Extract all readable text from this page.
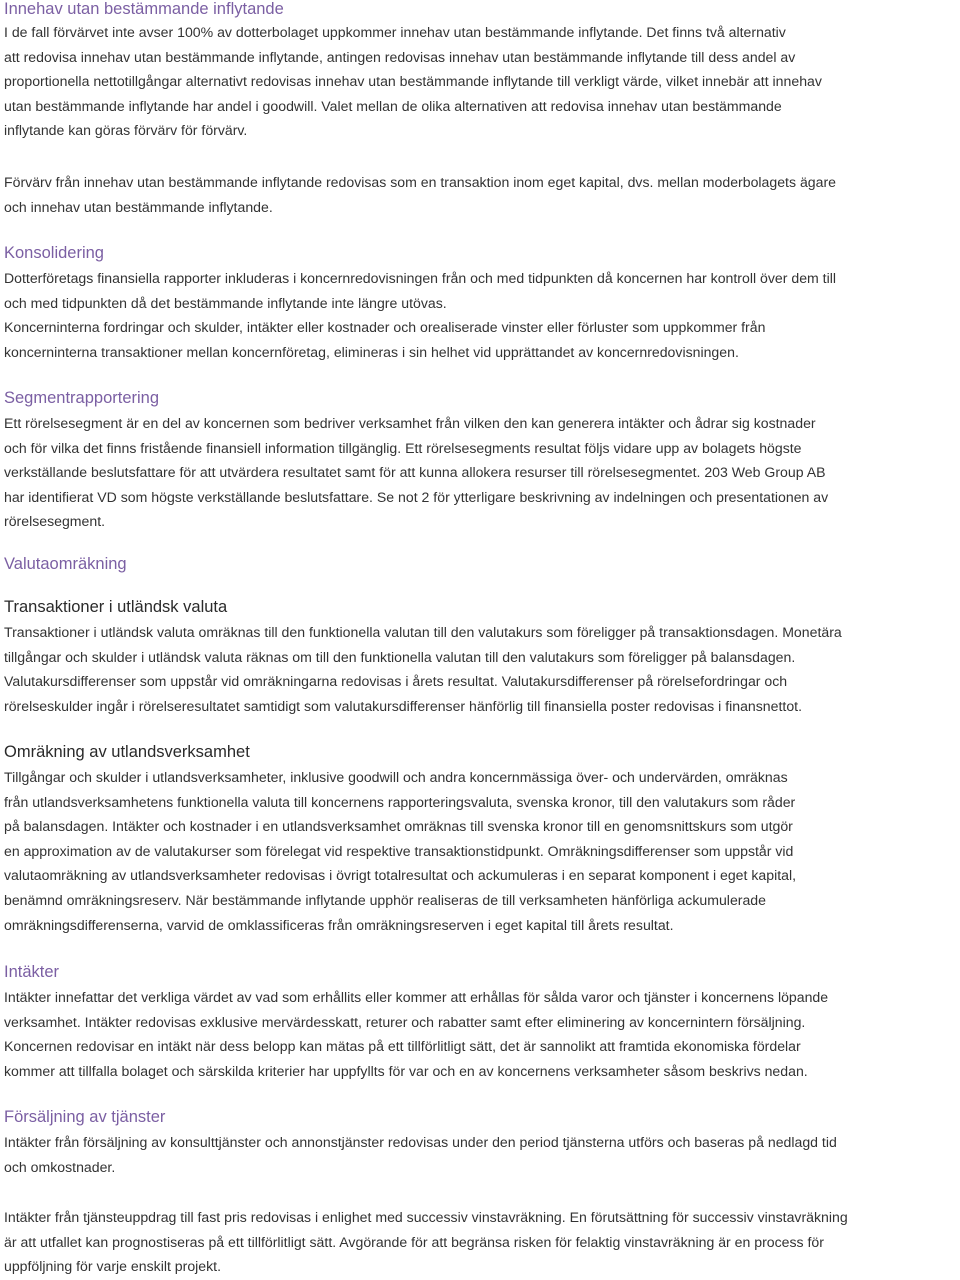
Innehav utan bestämmande inflytande
I de fall förvärvet inte avser 100% av dotterbolaget uppkommer innehav utan bestämmande inflytande. Det finns två alternativ
att redovisa innehav utan bestämmande inflytande, antingen redovisas innehav utan bestämmande inflytande till dess andel av
proportionella nettotillgångar alternativt redovisas innehav utan bestämmande inflytande till verkligt värde, vilket innebär att innehav
utan bestämmande inflytande har andel i goodwill. Valet mellan de olika alternativen att redovisa innehav utan bestämmande
inflytande kan göras förvärv för förvärv.
Förvärv från innehav utan bestämmande inflytande redovisas som en transaktion inom eget kapital, dvs. mellan moderbolagets ägare
och innehav utan bestämmande inflytande.
Konsolidering
Dotterföretags finansiella rapporter inkluderas i koncernredovisningen från och med tidpunkten då koncernen har kontroll över dem till
och med tidpunkten då det bestämmande inflytande inte längre utövas.
Koncerninterna fordringar och skulder, intäkter eller kostnader och orealiserade vinster eller förluster som uppkommer från
koncerninterna transaktioner mellan koncernföretag, elimineras i sin helhet vid upprättandet av koncernredovisningen.
Segmentrapportering
Ett rörelsesegment är en del av koncernen som bedriver verksamhet från vilken den kan generera intäkter och ådrar sig kostnader
och för vilka det finns fristående finansiell information tillgänglig. Ett rörelsesegments resultat följs vidare upp av bolagets högste
verkställande beslutsfattare för att utvärdera resultatet samt för att kunna allokera resurser till rörelsesegmentet. 203 Web Group AB
har identifierat VD som högste verkställande beslutsfattare. Se not 2 för ytterligare beskrivning av indelningen och presentationen av
rörelsesegment.
Valutaomräkning
Transaktioner i utländsk valuta
Transaktioner i utländsk valuta omräknas till den funktionella valutan till den valutakurs som föreligger på transaktionsdagen. Monetära
tillgångar och skulder i utländsk valuta räknas om till den funktionella valutan till den valutakurs som föreligger på balansdagen.
Valutakursdifferenser som uppstår vid omräkningarna redovisas i årets resultat. Valutakursdifferenser på rörelsefordringar och
rörelseskulder ingår i rörelseresultatet samtidigt som valutakursdifferenser hänförlig till finansiella poster redovisas i finansnettot.
Omräkning av utlandsverksamhet
Tillgångar och skulder i utlandsverksamheter, inklusive goodwill och andra koncernmässiga över- och undervärden, omräknas
från utlandsverksamhetens funktionella valuta till koncernens rapporteringsvaluta, svenska kronor, till den valutakurs som råder
på balansdagen. Intäkter och kostnader i en utlandsverksamhet omräknas till svenska kronor till en genomsnittskurs som utgör
en approximation av de valutakurser som förelegat vid respektive transaktionstidpunkt. Omräkningsdifferenser som uppstår vid
valutaomräkning av utlandsverksamheter redovisas i övrigt totalresultat och ackumuleras i en separat komponent i eget kapital,
benämnd omräkningsreserv. När bestämmande inflytande upphör realiseras de till verksamheten hänförliga ackumulerade
omräkningsdifferenserna, varvid de omklassificeras från omräkningsreserven i eget kapital till årets resultat.
Intäkter
Intäkter innefattar det verkliga värdet av vad som erhållits eller kommer att erhållas för sålda varor och tjänster i koncernens löpande
verksamhet. Intäkter redovisas exklusive mervärdesskatt, returer och rabatter samt efter eliminering av koncernintern försäljning.
Koncernen redovisar en intäkt när dess belopp kan mätas på ett tillförlitligt sätt, det är sannolikt att framtida ekonomiska fördelar
kommer att tillfalla bolaget och särskilda kriterier har uppfyllts för var och en av koncernens verksamheter såsom beskrivs nedan.
Försäljning av tjänster
Intäkter från försäljning av konsulttjänster och annonstjänster redovisas under den period tjänsterna utförs och baseras på nedlagd tid
och omkostnader.
Intäkter från tjänsteuppdrag till fast pris redovisas i enlighet med successiv vinstavräkning. En förutsättning för successiv vinstavräkning
är att utfallet kan prognostiseras på ett tillförlitligt sätt. Avgörande för att begränsa risken för felaktig vinstavräkning är en process för
uppföljning för varje enskilt projekt.
